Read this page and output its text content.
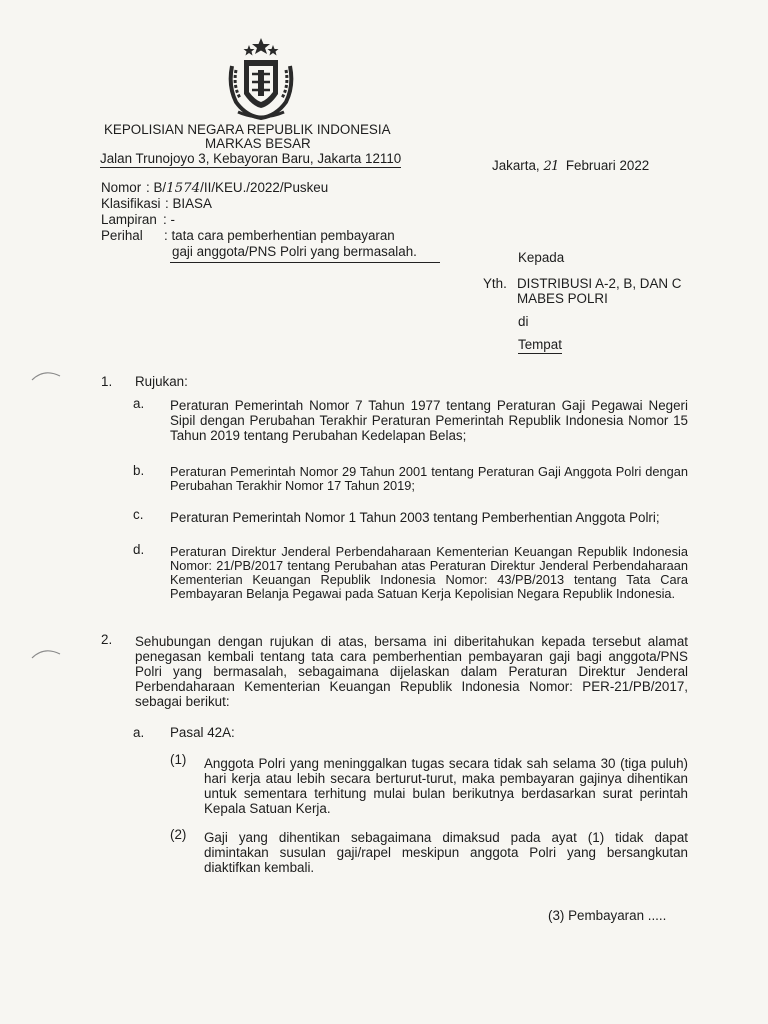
KEPOLISIAN NEGARA REPUBLIK INDONESIA

MARKAS BESAR

Jalan Trunojoyo 3, Kebayoran Baru, Jakarta 12110	Jakarta, 21 Februari 2022

Nomor : B/1574/II/KEU./2022/Puskeu

Klasifikasi : BIASA

Lampiran : -

Perihal : tata cara pemberhentian pembayaran

gaji anggota/PNS Polri yang bermasalah.	Kepada

Yth. DISTRIBUSI A-2, B, DAN C

MABES POLRI

di

Tempat

1. Rujukan:

a. Peraturan Pemerintah Nomor 7 Tahun 1977 tentang Peraturan Gaji Pegawai Negeri Sipil dengan Perubahan Terakhir Peraturan Pemerintah Republik Indonesia Nomor 15 Tahun 2019 tentang Perubahan Kedelapan Belas;

b. Peraturan Pemerintah Nomor 29 Tahun 2001 tentang Peraturan Gaji Anggota Polri dengan Perubahan Terakhir Nomor 17 Tahun 2019;

c. Peraturan Pemerintah Nomor 1 Tahun 2003 tentang Pemberhentian Anggota Polri;

d. Peraturan Direktur Jenderal Perbendaharaan Kementerian Keuangan Republik Indonesia Nomor: 21/PB/2017 tentang Perubahan atas Peraturan Direktur Jenderal Perbendaharaan Kementerian Keuangan Republik Indonesia Nomor: 43/PB/2013 tentang Tata Cara Pembayaran Belanja Pegawai pada Satuan Kerja Kepolisian Negara Republik Indonesia.

2. Sehubungan dengan rujukan di atas, bersama ini diberitahukan kepada tersebut alamat penegasan kembali tentang tata cara pemberhentian pembayaran gaji bagi anggota/PNS Polri yang bermasalah, sebagaimana dijelaskan dalam Peraturan Direktur Jenderal Perbendaharaan Kementerian Keuangan Republik Indonesia Nomor: PER-21/PB/2017, sebagai berikut:

a. Pasal 42A:

(1) Anggota Polri yang meninggalkan tugas secara tidak sah selama 30 (tiga puluh) hari kerja atau lebih secara berturut-turut, maka pembayaran gajinya dihentikan untuk sementara terhitung mulai bulan berikutnya berdasarkan surat perintah Kepala Satuan Kerja.

(2) Gaji yang dihentikan sebagaimana dimaksud pada ayat (1) tidak dapat dimintakan susulan gaji/rapel meskipun anggota Polri yang bersangkutan diaktifkan kembali.

(3) Pembayaran .....
